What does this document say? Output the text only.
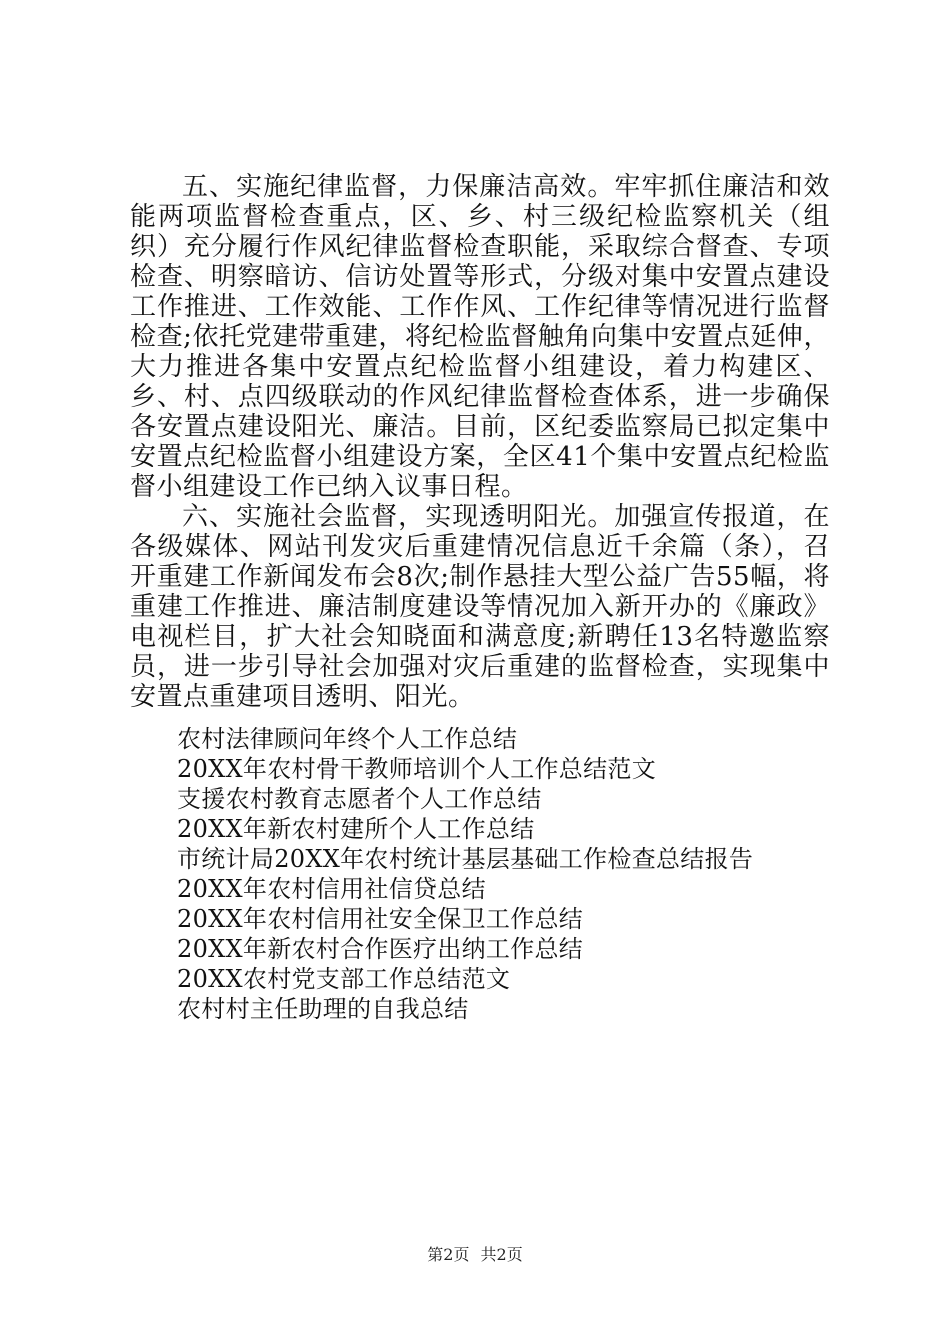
五、实施纪律监督，力保廉洁高效。牢牢抓住廉洁和效能两项监督检查重点，区、乡、村三级纪检监察机关（组织）充分履行作风纪律监督检查职能，采取综合督查、专项检查、明察暗访、信访处置等形式，分级对集中安置点建设工作推进、工作效能、工作作风、工作纪律等情况进行监督检查;依托党建带重建，将纪检监督触角向集中安置点延伸，大力推进各集中安置点纪检监督小组建设，着力构建区、乡、村、点四级联动的作风纪律监督检查体系，进一步确保各安置点建设阳光、廉洁。目前，区纪委监察局已拟定集中安置点纪检监督小组建设方案，全区41个集中安置点纪检监督小组建设工作已纳入议事日程。

六、实施社会监督，实现透明阳光。加强宣传报道，在各级媒体、网站刊发灾后重建情况信息近千余篇（条），召开重建工作新闻发布会8次;制作悬挂大型公益广告55幅，将重建工作推进、廉洁制度建设等情况加入新开办的《廉政》电视栏目，扩大社会知晓面和满意度;新聘任13名特邀监察员，进一步引导社会加强对灾后重建的监督检查，实现集中安置点重建项目透明、阳光。

农村法律顾问年终个人工作总结
20XX年农村骨干教师培训个人工作总结范文
支援农村教育志愿者个人工作总结
20XX年新农村建所个人工作总结
市统计局20XX年农村统计基层基础工作检查总结报告
20XX年农村信用社信贷总结
20XX年农村信用社安全保卫工作总结
20XX年新农村合作医疗出纳工作总结
20XX农村党支部工作总结范文
农村村主任助理的自我总结
第2页 共2页
